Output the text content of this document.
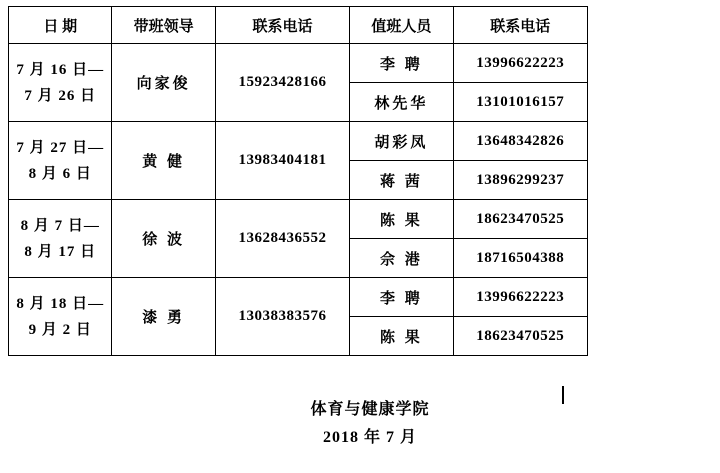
日 期	带班领导	联系电话	值班人员	联系电话

7 月 16 日—
7 月 26 日	向家俊	15923428166	李 聘	13996622223
			林先华	13101016157

7 月 27 日—
8 月 6 日	黄 健	13983404181	胡彩凤	13648342826
			蒋 茜	13896299237

8 月 7 日—
8 月 17 日	徐 波	13628436552	陈 果	18623470525
			佘 港	18716504388

8 月 18 日—
9 月 2 日	漆 勇	13038383576	李 聘	13996622223
			陈 果	18623470525
体育与健康学院
2018 年 7 月
